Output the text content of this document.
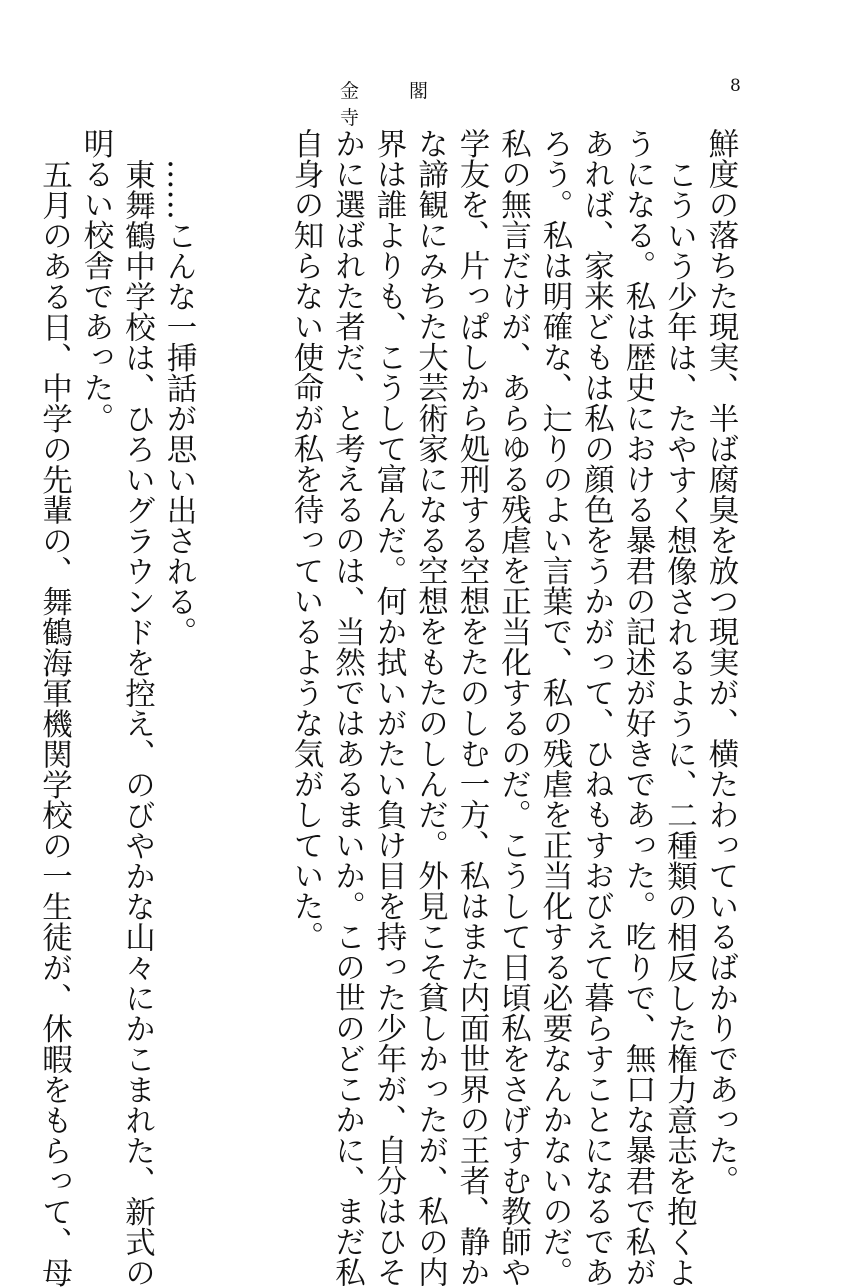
金 閣 寺
8

鮮度の落ちた現実、半ば腐臭を放つ現実が、横たわっているばかりであった。

こういう少年は、たやすく想像されるように、二種類の相反した権力意志を抱くよ
うになる。私は歴史における暴君の記述が好きであった。吃りで、無口な暴君で私が
あれば、家来どもは私の顔色をうかがって、ひねもすおびえて暮らすことになるであ
ろう。私は明確な、辷りのよい言葉で、私の残虐を正当化する必要なんかないのだ。
私の無言だけが、あらゆる残虐を正当化するのだ。こうして日頃私をさげすむ教師や
学友を、片っぱしから処刑する空想をたのしむ一方、私はまた内面世界の王者、静か
な諦観にみちた大芸術家になる空想をもたのしんだ。外見こそ貧しかったが、私の内
界は誰よりも、こうして富んだ。何か拭いがたい負け目を持った少年が、自分はひそ
かに選ばれた者だ、と考えるのは、当然ではあるまいか。この世のどこかに、まだ私
自身の知らない使命が私を待っているような気がしていた。

……こんな一挿話が思い出される。

東舞鶴中学校は、ひろいグラウンドを控え、のびやかな山々にかこまれた、新式の
明るい校舎であった。

五月のある日、中学の先輩の、舞鶴海軍機関学校の一生徒が、休暇をもらって、母
